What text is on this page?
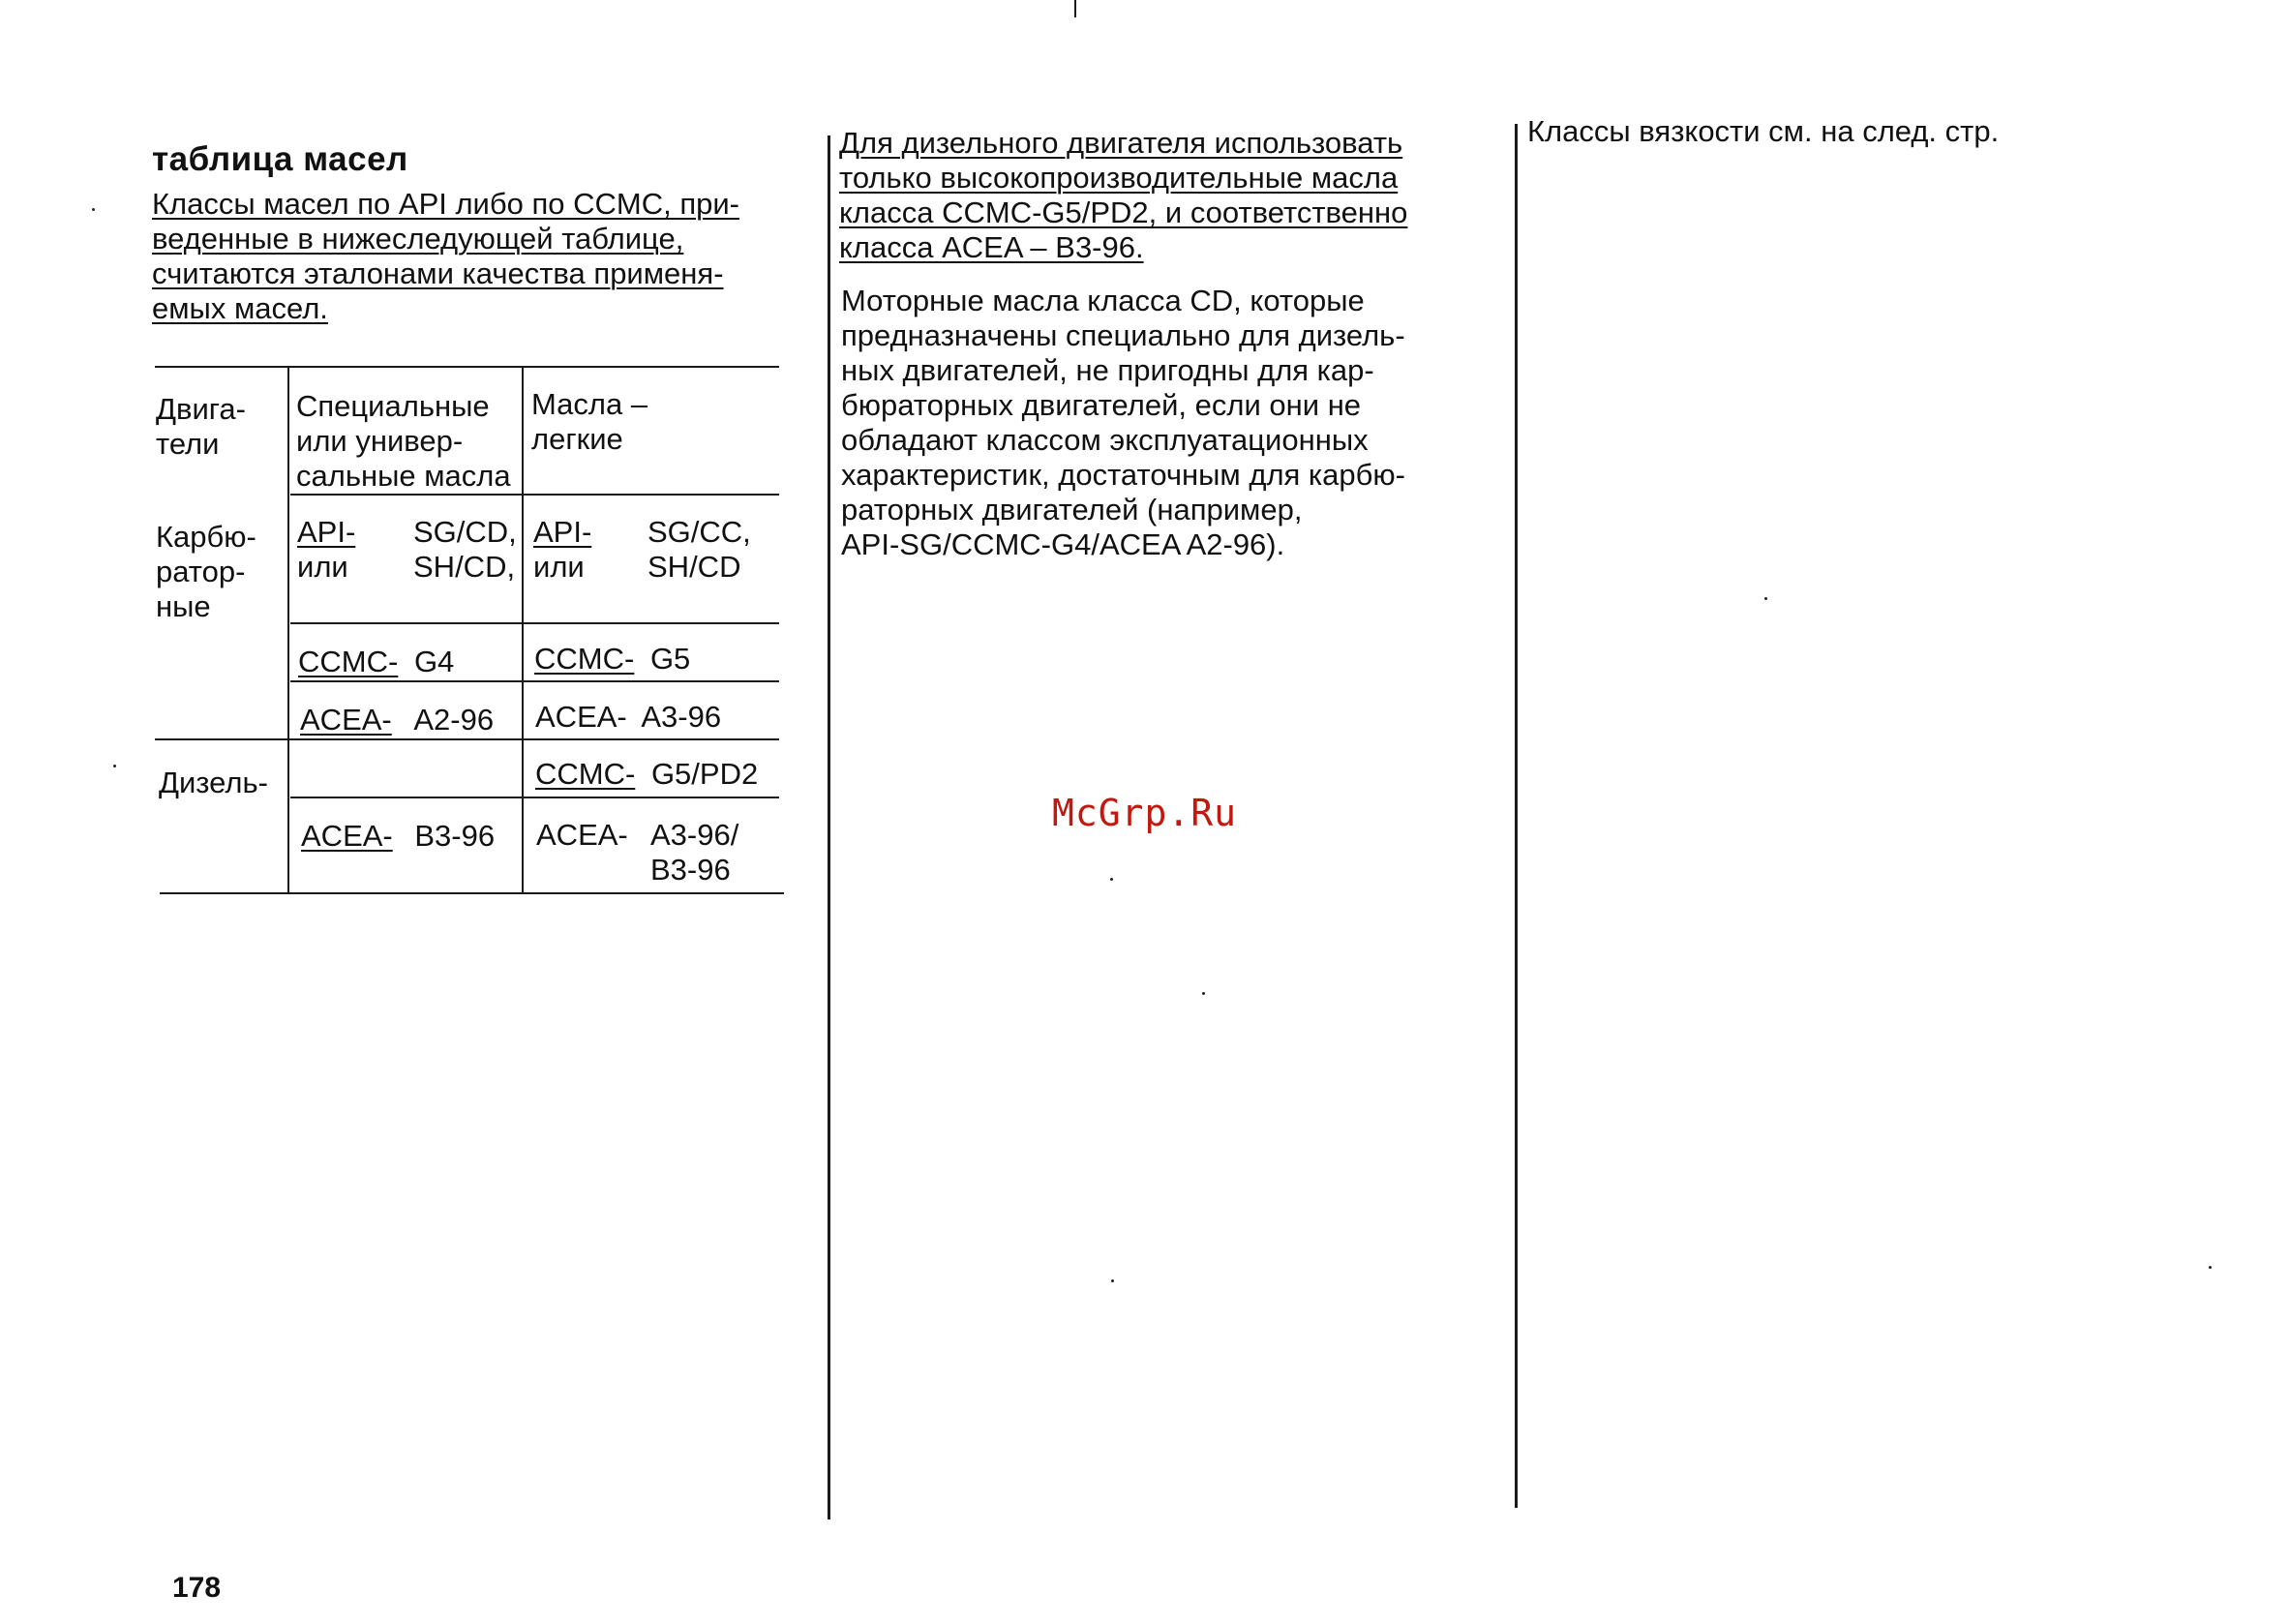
таблица масел
Классы масел по API либо по CCMC, при-
веденные в нижеследующей таблице,
считаются эталонами качества применя-
емых масел.
Двига-
тели
Специальные
или универ-
сальные масла
Масла –
легкие
Карбю-
ратор-
ные
API-
или
SG/CD,
SH/CD,
API-
или
SG/CC,
SH/CD
CCMC- G4	CCMC- G5
ACEA- A2-96 ACEA- A3-96
Дизель-	CCMC- G5/PD2
ACEA- B3-96 ACEA- A3-96/
B3-96
178
Для дизельного двигателя использовать
только высокопроизводительные масла
класса CCMC-G5/PD2, и соответственно
класса ACEA – B3-96.
Моторные масла класса CD, которые
предназначены специально для дизель-
ных двигателей, не пригодны для кар-
бюраторных двигателей, если они не
обладают классом эксплуатационных
характеристик, достаточным для карбю-
раторных двигателей (например,
API-SG/CCMC-G4/ACEA A2-96).
McGrp.Ru
Классы вязкости см. на след. стр.
